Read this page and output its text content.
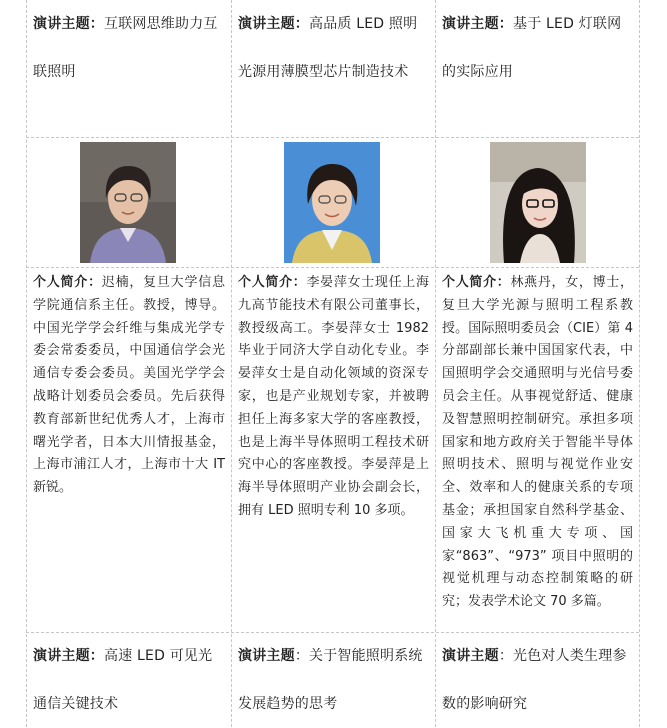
演讲主题：互联网思维助力互联照明
演讲主题：高品质 LED 照明光源用薄膜型芯片制造技术
演讲主题：基于 LED 灯联网的实际应用
个人简介：迟楠，复旦大学信息学院通信系主任。教授，博导。中国光学学会纤维与集成光学专委会常委委员，中国通信学会光通信专委会委员。美国光学学会战略计划委员会委员。先后获得教育部新世纪优秀人才，上海市曙光学者，日本大川情报基金，上海市浦江人才，上海市十大 IT 新锐。
个人简介：李晏萍女士现任上海九高节能技术有限公司董事长，教授级高工。李晏萍女士 1982 毕业于同济大学自动化专业。李晏萍女士是自动化领域的资深专家，也是产业规划专家，并被聘担任上海多家大学的客座教授，也是上海半导体照明工程技术研究中心的客座教授。李晏萍是上海半导体照明产业协会副会长，拥有 LED 照明专利 10 多项。
个人简介：林燕丹，女，博士，复旦大学光源与照明工程系教授。国际照明委员会（CIE）第 4 分部副部长兼中国国家代表，中国照明学会交通照明与光信号委员会主任。从事视觉舒适、健康及智慧照明控制研究。承担多项国家和地方政府关于智能半导体照明技术、照明与视觉作业安全、效率和人的健康关系的专项基金；承担国家自然科学基金、国家大飞机重大专项、国家“863”、“973” 项目中照明的视觉机理与动态控制策略的研究；发表学术论文 70 多篇。
演讲主题：高速 LED 可见光通信关键技术
演讲主题：关于智能照明系统发展趋势的思考
演讲主题：光色对人类生理参数的影响研究
